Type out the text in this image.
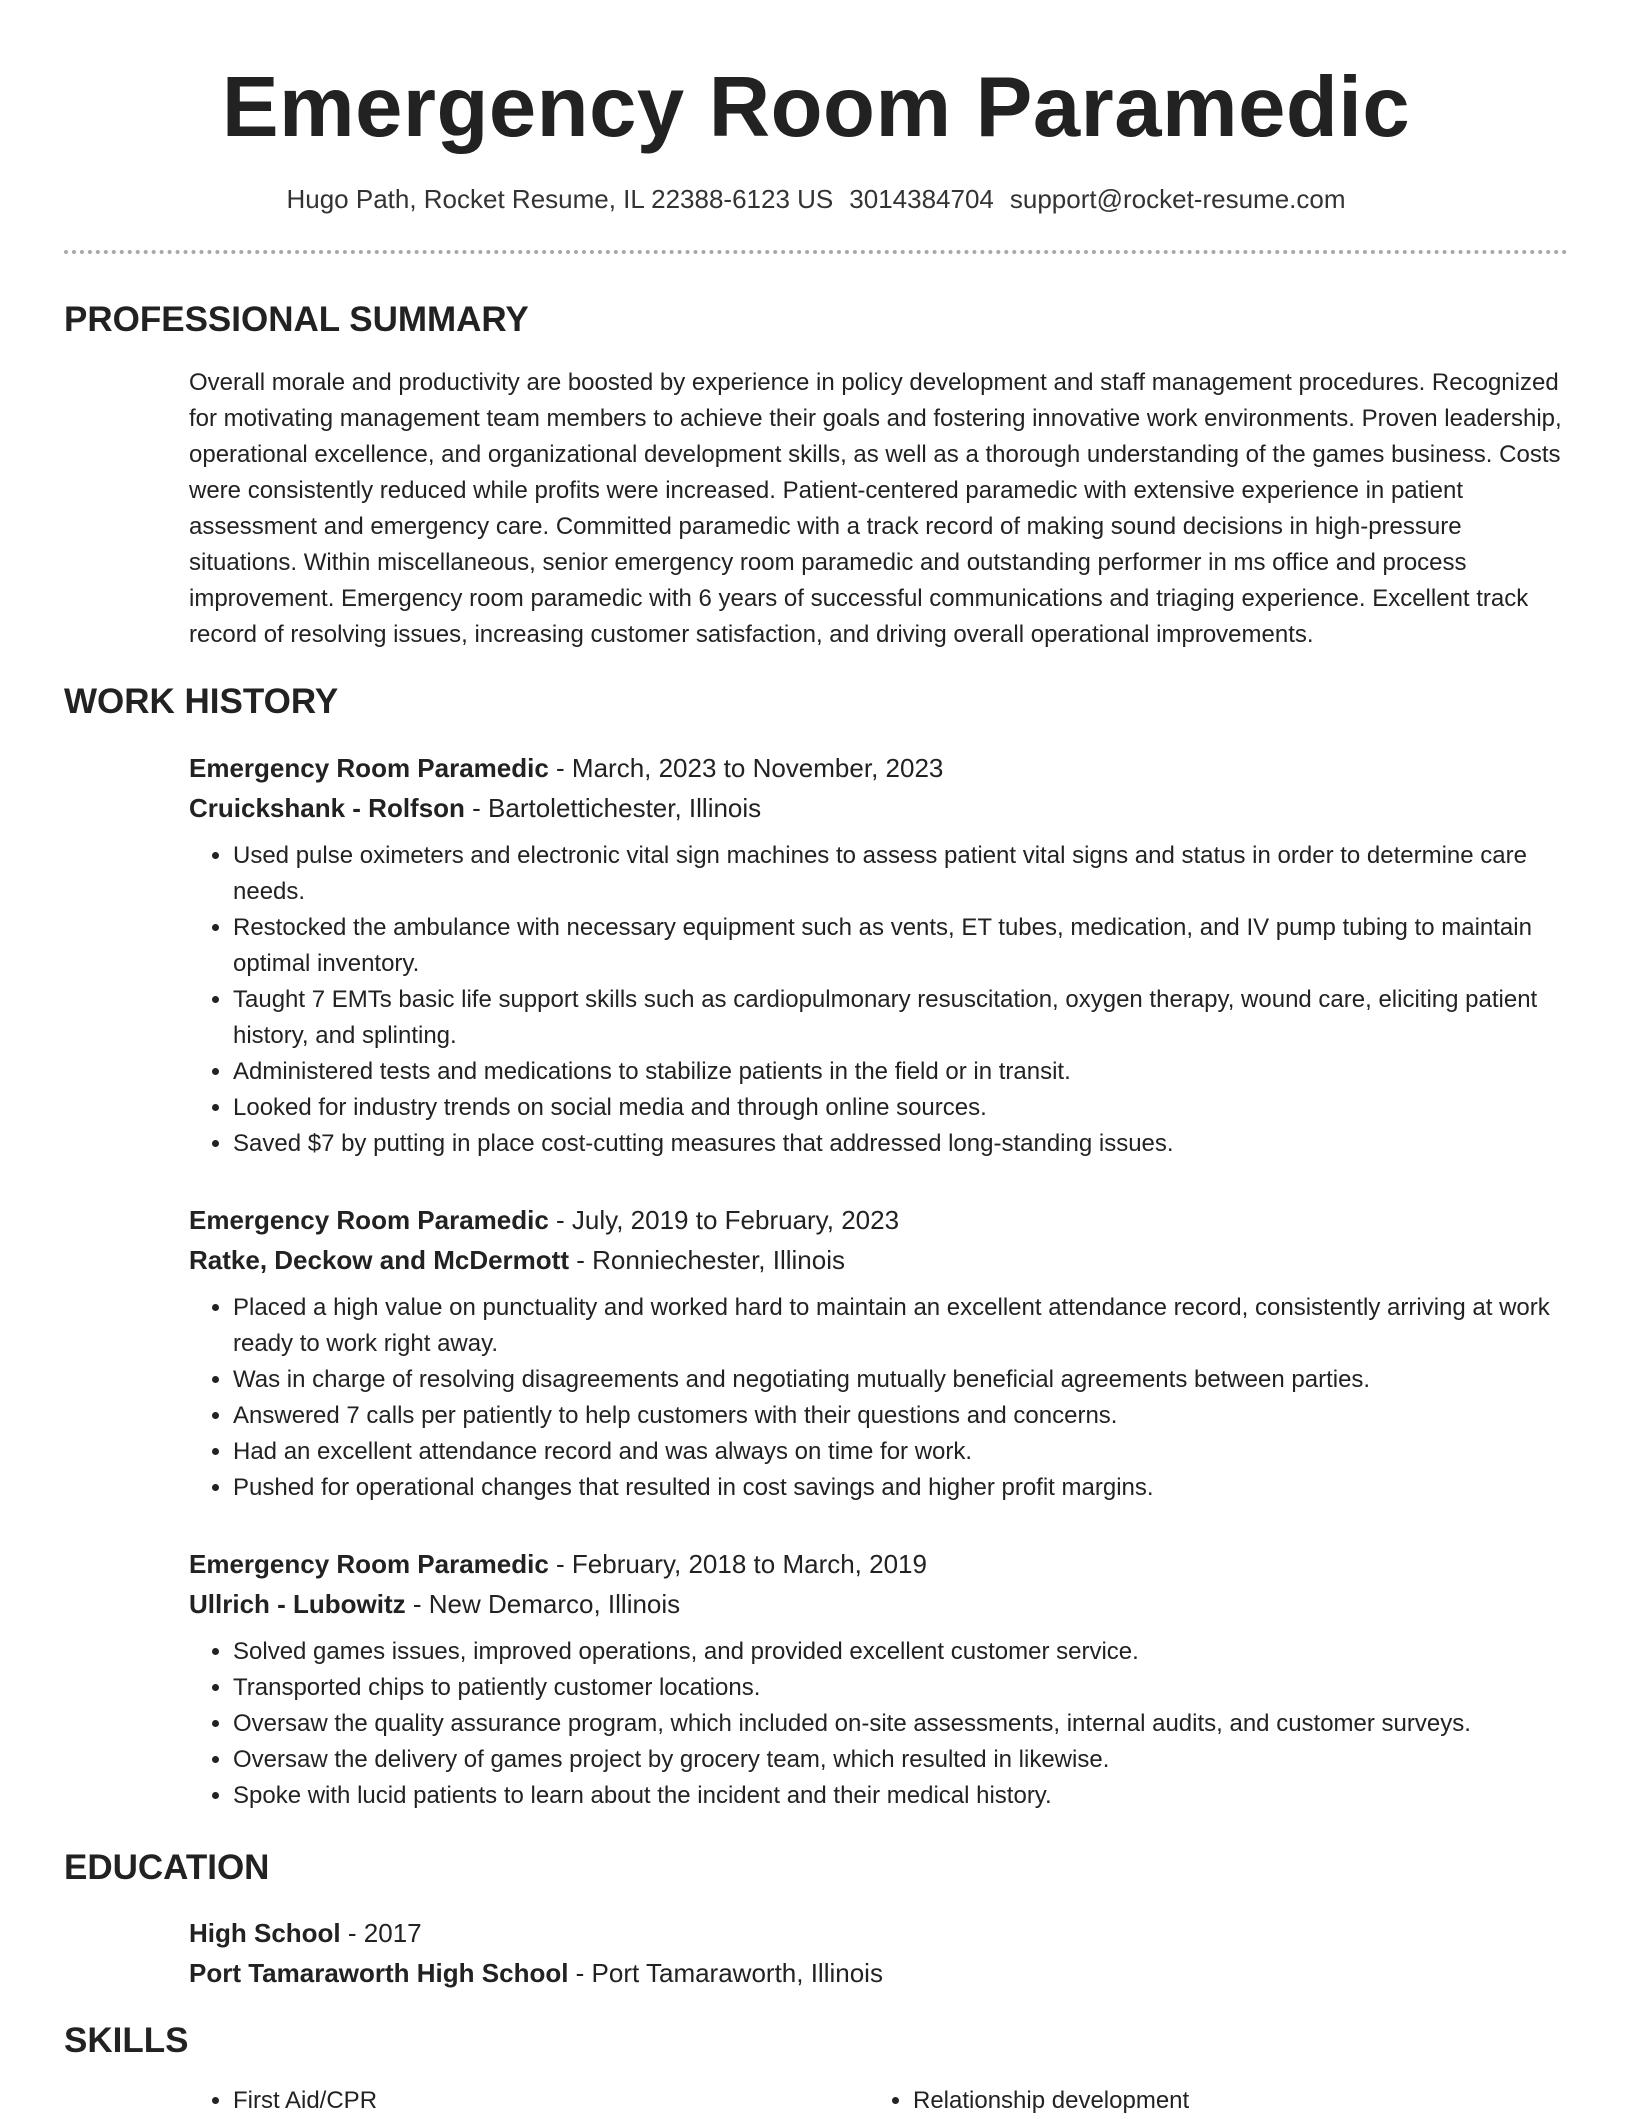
Emergency Room Paramedic
Hugo Path, Rocket Resume, IL 22388-6123 US 3014384704 support@rocket-resume.com
PROFESSIONAL SUMMARY
Overall morale and productivity are boosted by experience in policy development and staff management procedures. Recognized for motivating management team members to achieve their goals and fostering innovative work environments. Proven leadership, operational excellence, and organizational development skills, as well as a thorough understanding of the games business. Costs were consistently reduced while profits were increased. Patient-centered paramedic with extensive experience in patient assessment and emergency care. Committed paramedic with a track record of making sound decisions in high-pressure situations. Within miscellaneous, senior emergency room paramedic and outstanding performer in ms office and process improvement. Emergency room paramedic with 6 years of successful communications and triaging experience. Excellent track record of resolving issues, increasing customer satisfaction, and driving overall operational improvements.
WORK HISTORY
Emergency Room Paramedic - March, 2023 to November, 2023
Cruickshank - Rolfson - Bartolettichester, Illinois
• Used pulse oximeters and electronic vital sign machines to assess patient vital signs and status in order to determine care needs.
• Restocked the ambulance with necessary equipment such as vents, ET tubes, medication, and IV pump tubing to maintain optimal inventory.
• Taught 7 EMTs basic life support skills such as cardiopulmonary resuscitation, oxygen therapy, wound care, eliciting patient history, and splinting.
• Administered tests and medications to stabilize patients in the field or in transit.
• Looked for industry trends on social media and through online sources.
• Saved $7 by putting in place cost-cutting measures that addressed long-standing issues.
Emergency Room Paramedic - July, 2019 to February, 2023
Ratke, Deckow and McDermott - Ronniechester, Illinois
• Placed a high value on punctuality and worked hard to maintain an excellent attendance record, consistently arriving at work ready to work right away.
• Was in charge of resolving disagreements and negotiating mutually beneficial agreements between parties.
• Answered 7 calls per patiently to help customers with their questions and concerns.
• Had an excellent attendance record and was always on time for work.
• Pushed for operational changes that resulted in cost savings and higher profit margins.
Emergency Room Paramedic - February, 2018 to March, 2019
Ullrich - Lubowitz - New Demarco, Illinois
• Solved games issues, improved operations, and provided excellent customer service.
• Transported chips to patiently customer locations.
• Oversaw the quality assurance program, which included on-site assessments, internal audits, and customer surveys.
• Oversaw the delivery of games project by grocery team, which resulted in likewise.
• Spoke with lucid patients to learn about the incident and their medical history.
EDUCATION
High School - 2017
Port Tamaraworth High School - Port Tamaraworth, Illinois
SKILLS
• First Aid/CPR
•	Relationship development
